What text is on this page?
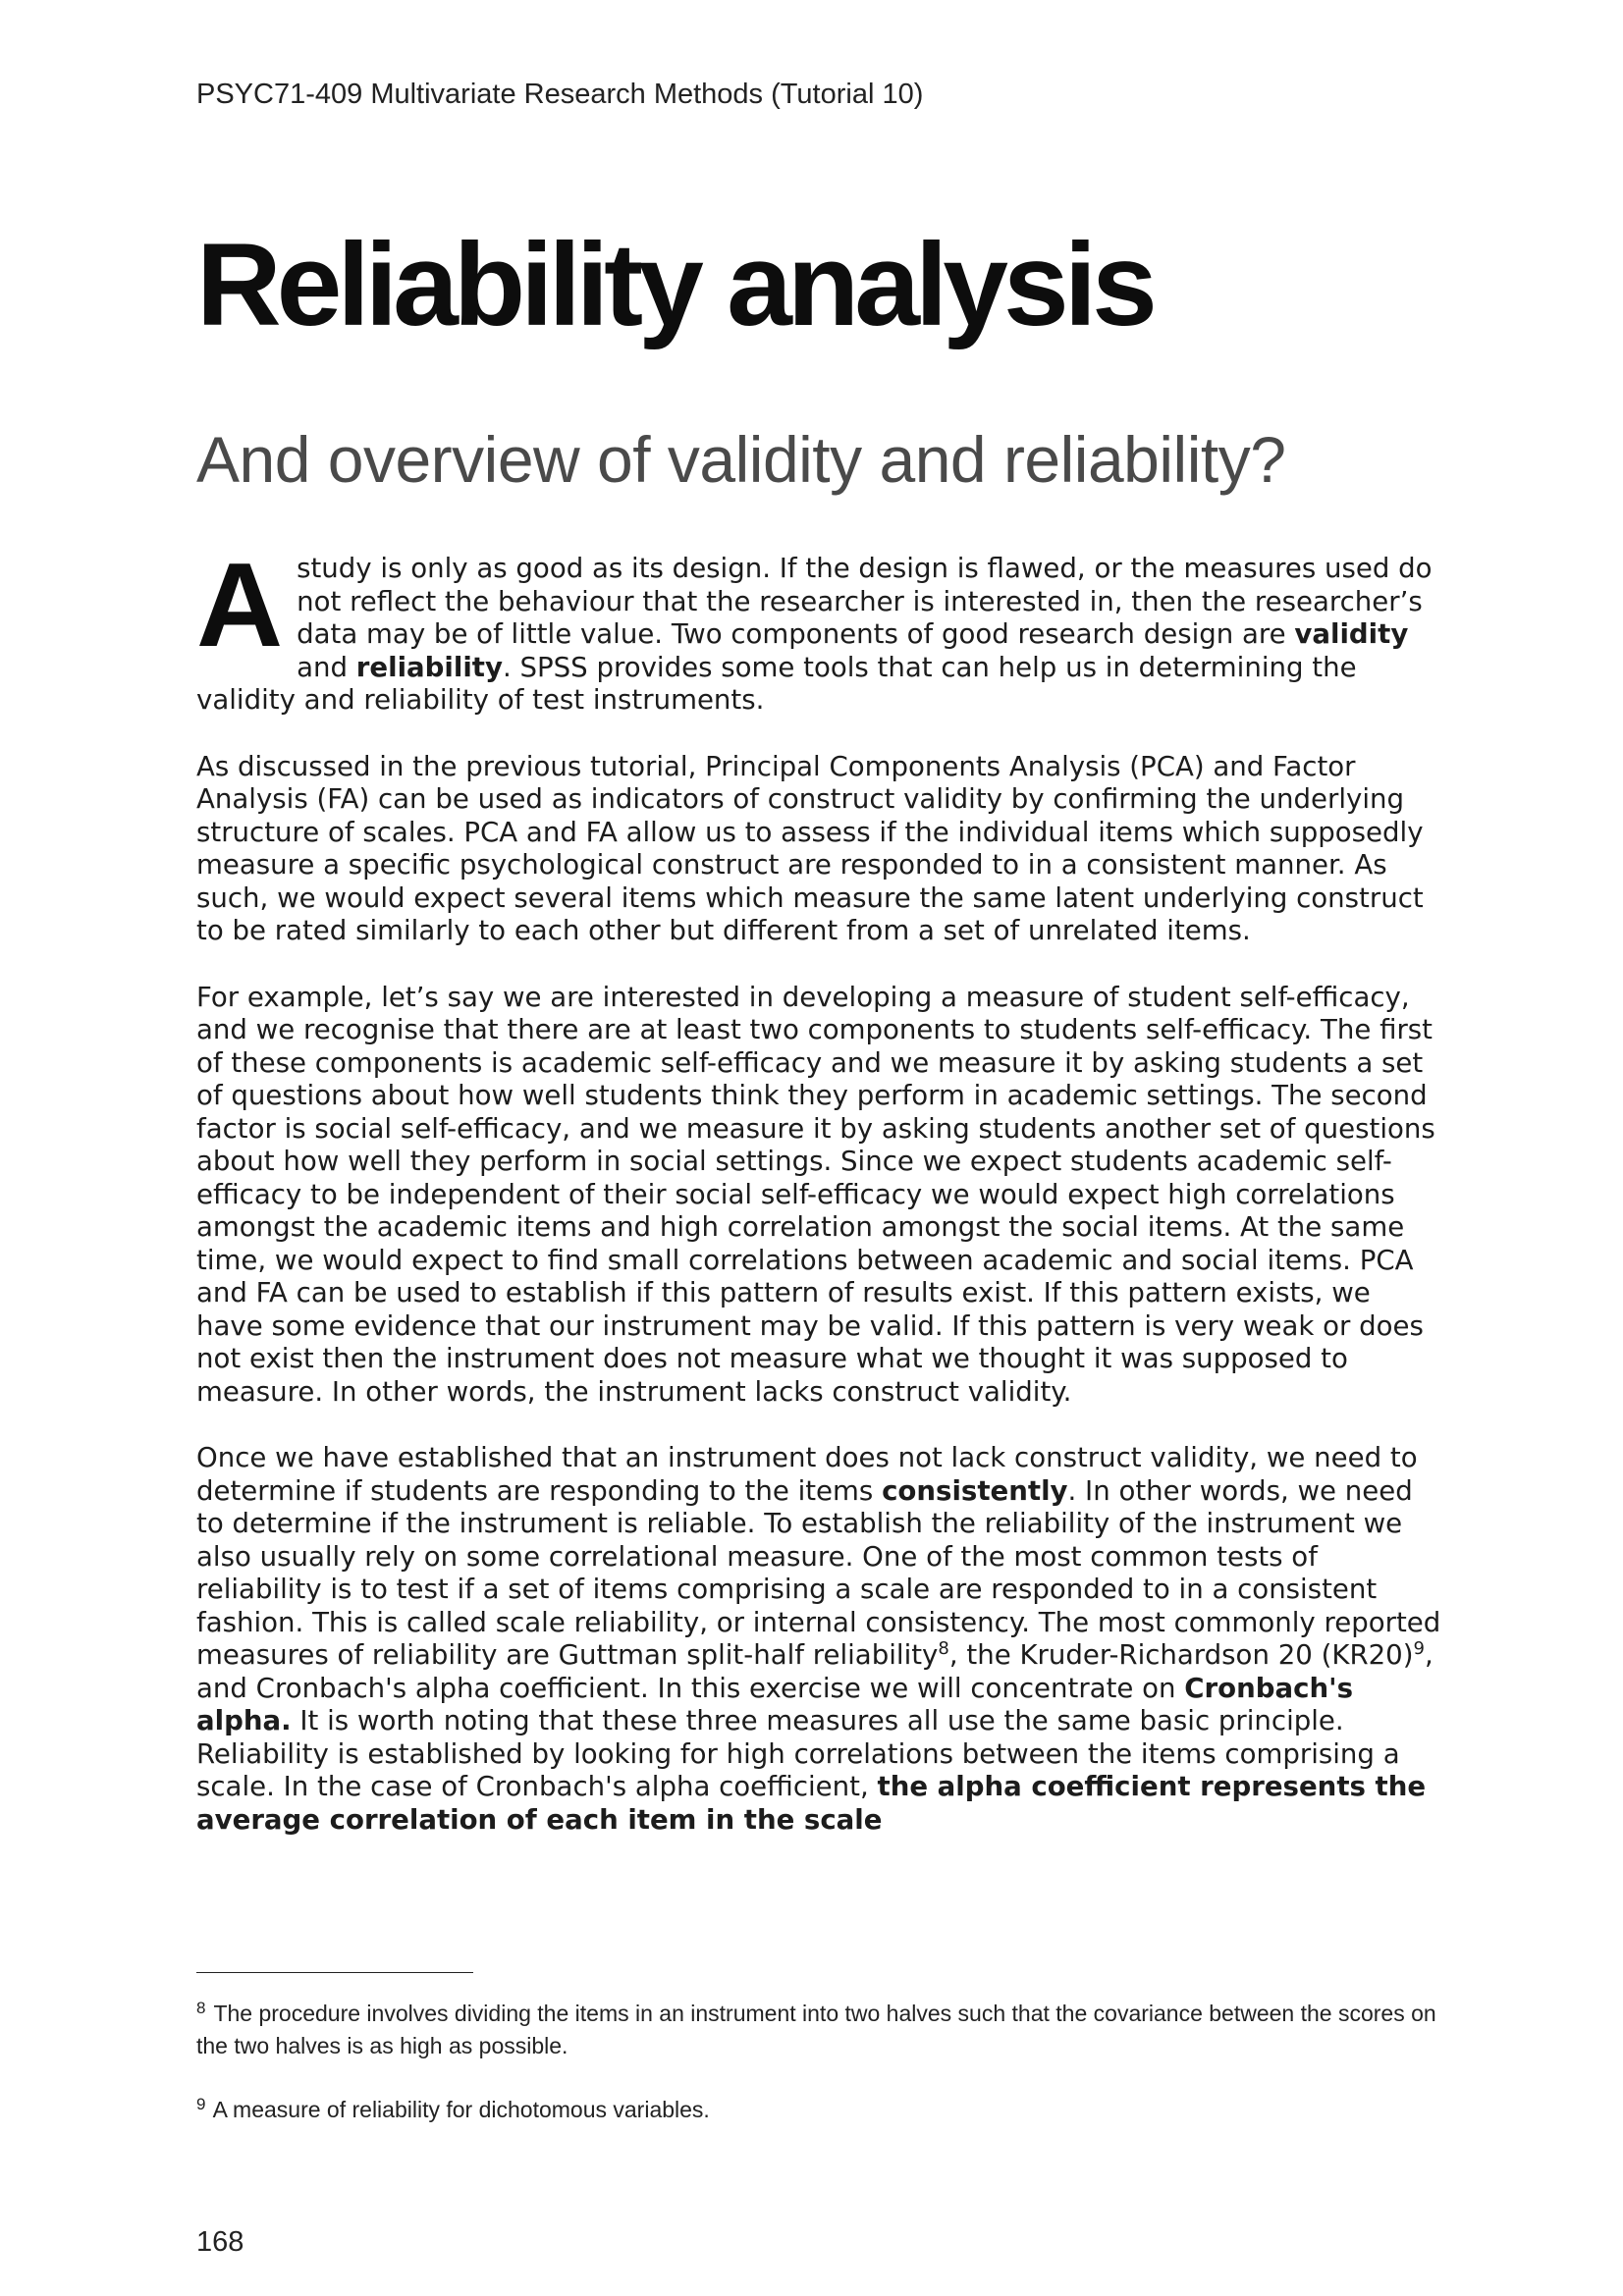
PSYC71-409 Multivariate Research Methods (Tutorial 10)
Reliability analysis
And overview of validity and reliability?

A study is only as good as its design. If the design is flawed, or the measures used do not reflect the behaviour that the researcher is interested in, then the researcher’s data may be of little value. Two components of good research design are validity and reliability. SPSS provides some tools that can help us in determining the validity and reliability of test instruments.

As discussed in the previous tutorial, Principal Components Analysis (PCA) and Factor Analysis (FA) can be used as indicators of construct validity by confirming the underlying structure of scales. PCA and FA allow us to assess if the individual items which supposedly measure a specific psychological construct are responded to in a consistent manner. As such, we would expect several items which measure the same latent underlying construct to be rated similarly to each other but different from a set of unrelated items.

For example, let’s say we are interested in developing a measure of student self-efficacy, and we recognise that there are at least two components to students self-efficacy. The first of these components is academic self-efficacy and we measure it by asking students a set of questions about how well students think they perform in academic settings. The second factor is social self-efficacy, and we measure it by asking students another set of questions about how well they perform in social settings. Since we expect students academic self-efficacy to be independent of their social self-efficacy we would expect high correlations amongst the academic items and high correlation amongst the social items. At the same time, we would expect to find small correlations between academic and social items. PCA and FA can be used to establish if this pattern of results exist. If this pattern exists, we have some evidence that our instrument may be valid. If this pattern is very weak or does not exist then the instrument does not measure what we thought it was supposed to measure. In other words, the instrument lacks construct validity.

Once we have established that an instrument does not lack construct validity, we need to determine if students are responding to the items consistently. In other words, we need to determine if the instrument is reliable. To establish the reliability of the instrument we also usually rely on some correlational measure. One of the most common tests of reliability is to test if a set of items comprising a scale are responded to in a consistent fashion. This is called scale reliability, or internal consistency. The most commonly reported measures of reliability are Guttman split-half reliability$^8$, the Kruder-Richardson 20 $(KR20)^9$, and Cronbach's alpha coefficient. In this exercise we will concentrate on Cronbach's alpha. It is worth noting that these three measures all use the same basic principle. Reliability is established by looking for high correlations between the items comprising a scale. In the case of Cronbach's alpha coefficient, the alpha coefficient represents the average correlation of each item in the scale

$^8$ The procedure involves dividing the items in an instrument into two halves such that the covariance between the scores on the two halves is as high as possible.

$^9$ A measure of reliability for dichotomous variables.

168
